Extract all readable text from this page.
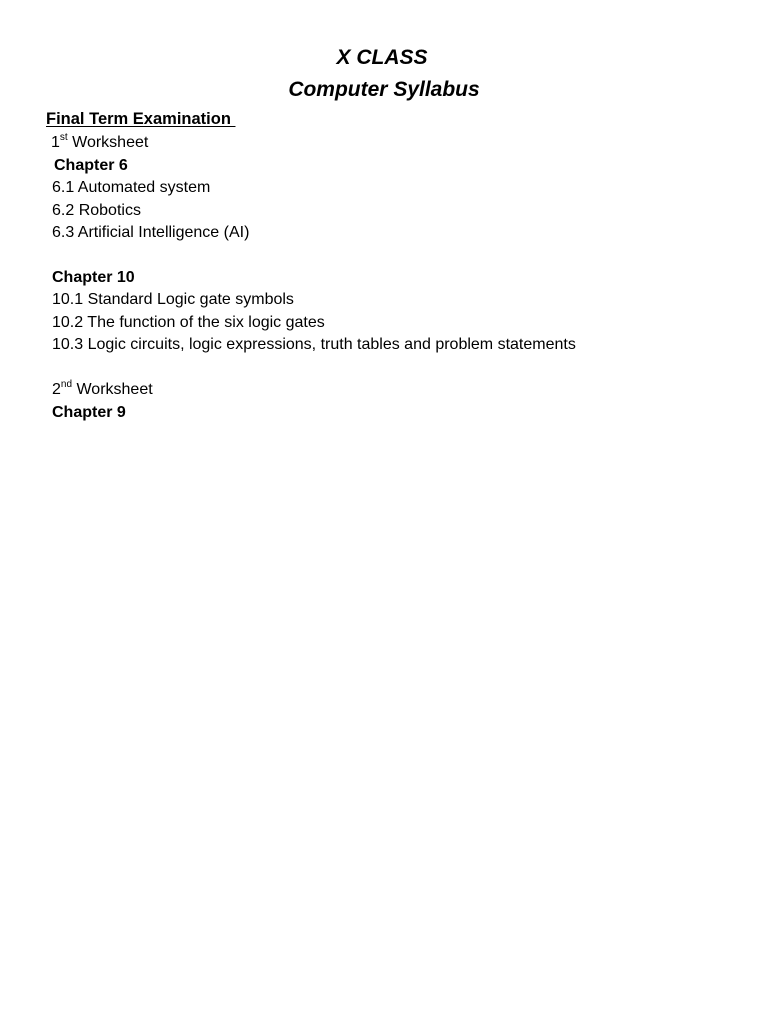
X CLASS
Computer Syllabus
Final Term Examination

1st Worksheet

Chapter 6

6.1 Automated system

6.2 Robotics

6.3 Artificial Intelligence (AI)

Chapter 10

10.1 Standard Logic gate symbols

10.2 The function of the six logic gates

10.3 Logic circuits, logic expressions, truth tables and problem statements

2nd Worksheet

Chapter 9
